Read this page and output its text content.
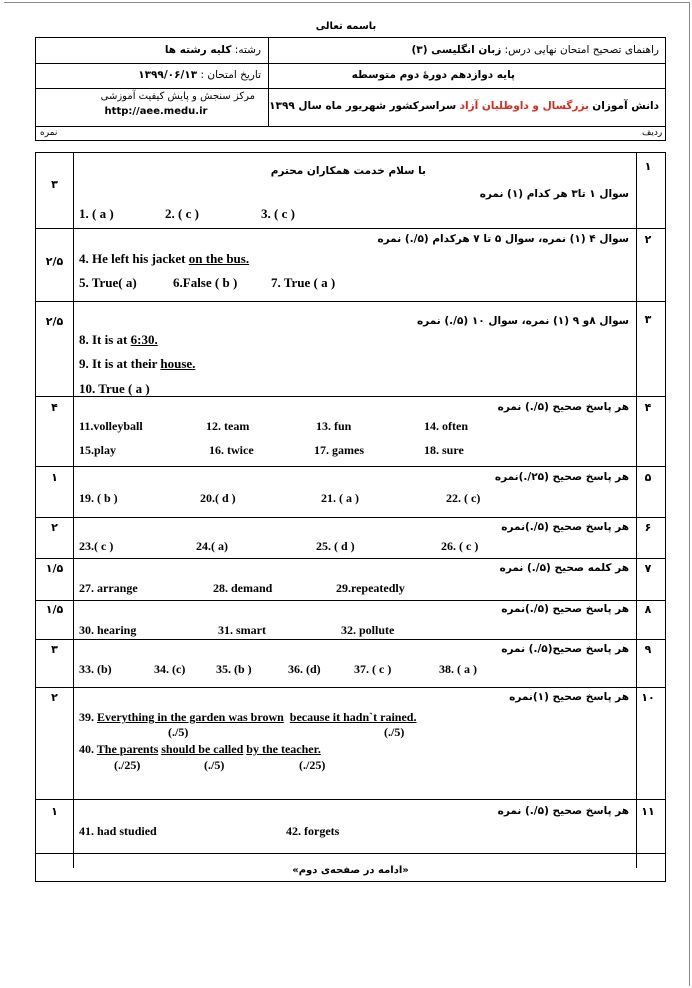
باسمه تعالی
راهنمای تصحیح امتحان نهایی درس: زبان انگلیسی (۳)
رشته: کلیه رشته ها
پایه دوازدهم دورهٔ دوم متوسطه
تاریخ امتحان : ۱۳۹۹/۰۶/۱۳
دانش آموزان بزرگسال و داوطلبان آزاد سراسرکشور شهریور ماه سال ۱۳۹۹
مرکز سنجش و پایش کیفیت آموزشی
http://aee.medu.ir
ردیف
نمره
۱
۳
با سلام خدمت همکاران محترم
سوال ۱ تا۳ هر کدام (۱) نمره
1. ( a )	2. ( c )	3. ( c )
۲
۲/۵
سوال ۴ (۱) نمره، سوال ۵ تا ۷ هرکدام (۵/.) نمره
4. He left his jacket on the bus.
5. True( a)	6.False ( b )	7. True ( a )
۳
۲/۵	سوال ۸و ۹ (۱) نمره، سوال ۱۰ (۵/.) نمره
8. It is at 6:30.
9. It is at their house.
10. True ( a )
۴
۴	هر پاسخ صحیح (۵/.) نمره
11.volleyball	12. team	13. fun	14. often
15.play	16. twice	17. games	18. sure
۵
۱	هر پاسخ صحیح (۲۵/.)نمره
19. ( b )	20.( d )	21. ( a )	22. ( c)
۶
۲	هر پاسخ صحیح (۵/.)نمره
23.( c )	24.( a)	25. ( d )	26. ( c )
۷
۱/۵	هر کلمه صحیح (۵/.) نمره
27. arrange	28. demand	29.repeatedly
۸
۱/۵	هر پاسخ صحیح (۵/.)نمره
30. hearing	31. smart	32. pollute
۹
۳	هر پاسخ صحیح(۵/.) نمره
33. (b)	34. (c)	35. (b )	36. (d)	37. ( c )	38. ( a )
۱۰
۲	هر پاسخ صحیح (۱)نمره
39. Everything in the garden was brown because it hadn`t rained.
(./5)	(./5)
40. The parents should be called by the teacher.
(./25)	(./5)	(./25)
۱۱
۱	هر پاسخ صحیح (۵/.) نمره
41. had studied	42. forgets
«ادامه در صفحه‌ی دوم»
